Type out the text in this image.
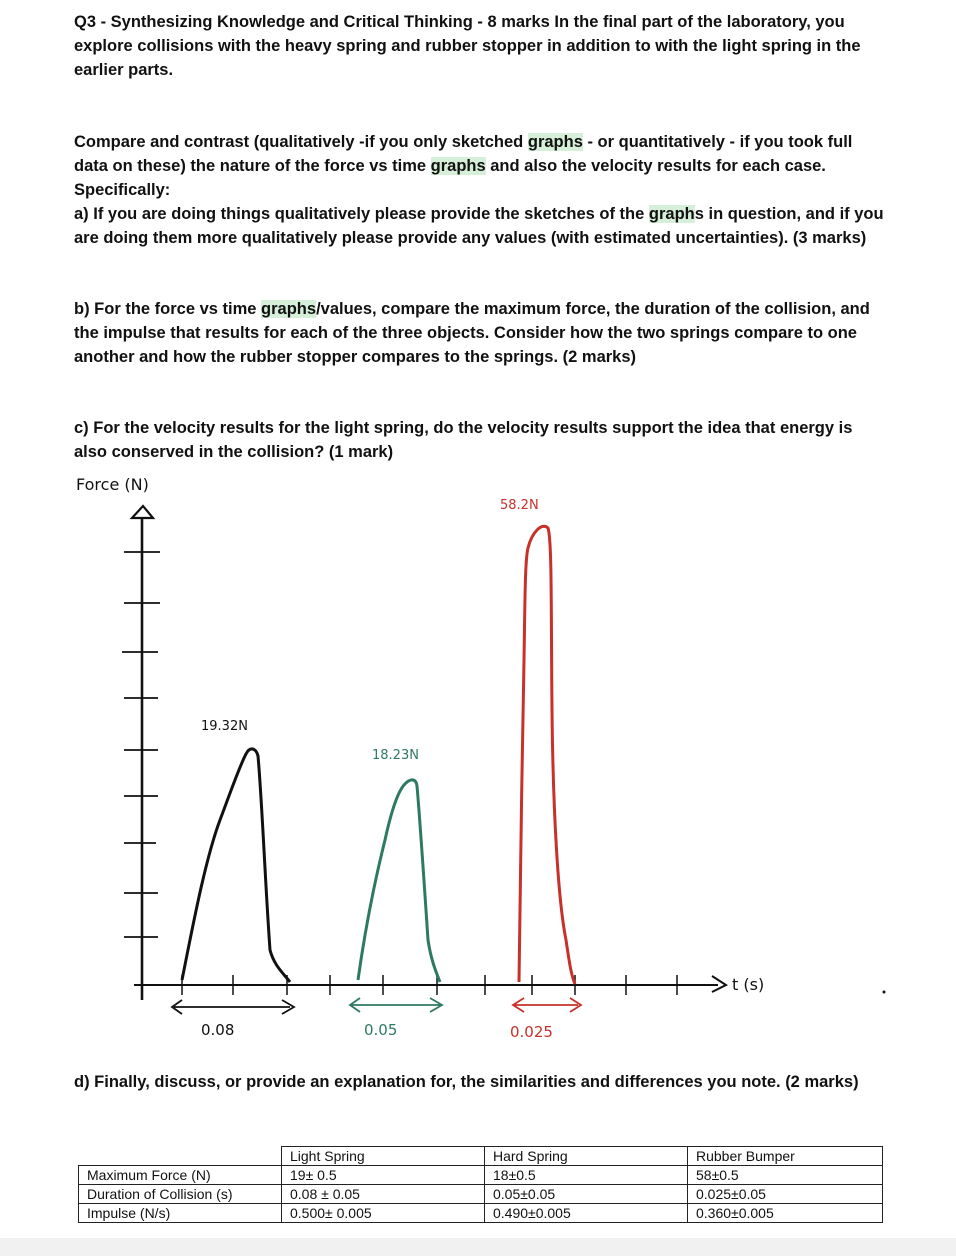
Q3 - Synthesizing Knowledge and Critical Thinking - 8 marks In the final part of the laboratory, you explore collisions with the heavy spring and rubber stopper in addition to with the light spring in the earlier parts.

Compare and contrast (qualitatively -if you only sketched graphs - or quantitatively - if you took full data on these) the nature of the force vs time graphs and also the velocity results for each case. Specifically:
a) If you are doing things qualitatively please provide the sketches of the graphs in question, and if you are doing them more qualitatively please provide any values (with estimated uncertainties). (3 marks)

b) For the force vs time graphs/values, compare the maximum force, the duration of the collision, and the impulse that results for each of the three objects. Consider how the two springs compare to one another and how the rubber stopper compares to the springs. (2 marks)

c) For the velocity results for the light spring, do the velocity results support the idea that energy is also conserved in the collision? (1 mark)

Force (N)
t (s)
19.32N
0.08
18.23N
0.05
58.2N
0.025

d) Finally, discuss, or provide an explanation for, the similarities and differences you note. (2 marks)

	Light Spring	Hard Spring	Rubber Bumper
Maximum Force (N)	19± 0.5	18±0.5	58±0.5
Duration of Collision (s)	0.08 ± 0.05	0.05±0.05	0.025±0.05
Impulse (N/s)	0.500± 0.005	0.490±0.005	0.360±0.005
